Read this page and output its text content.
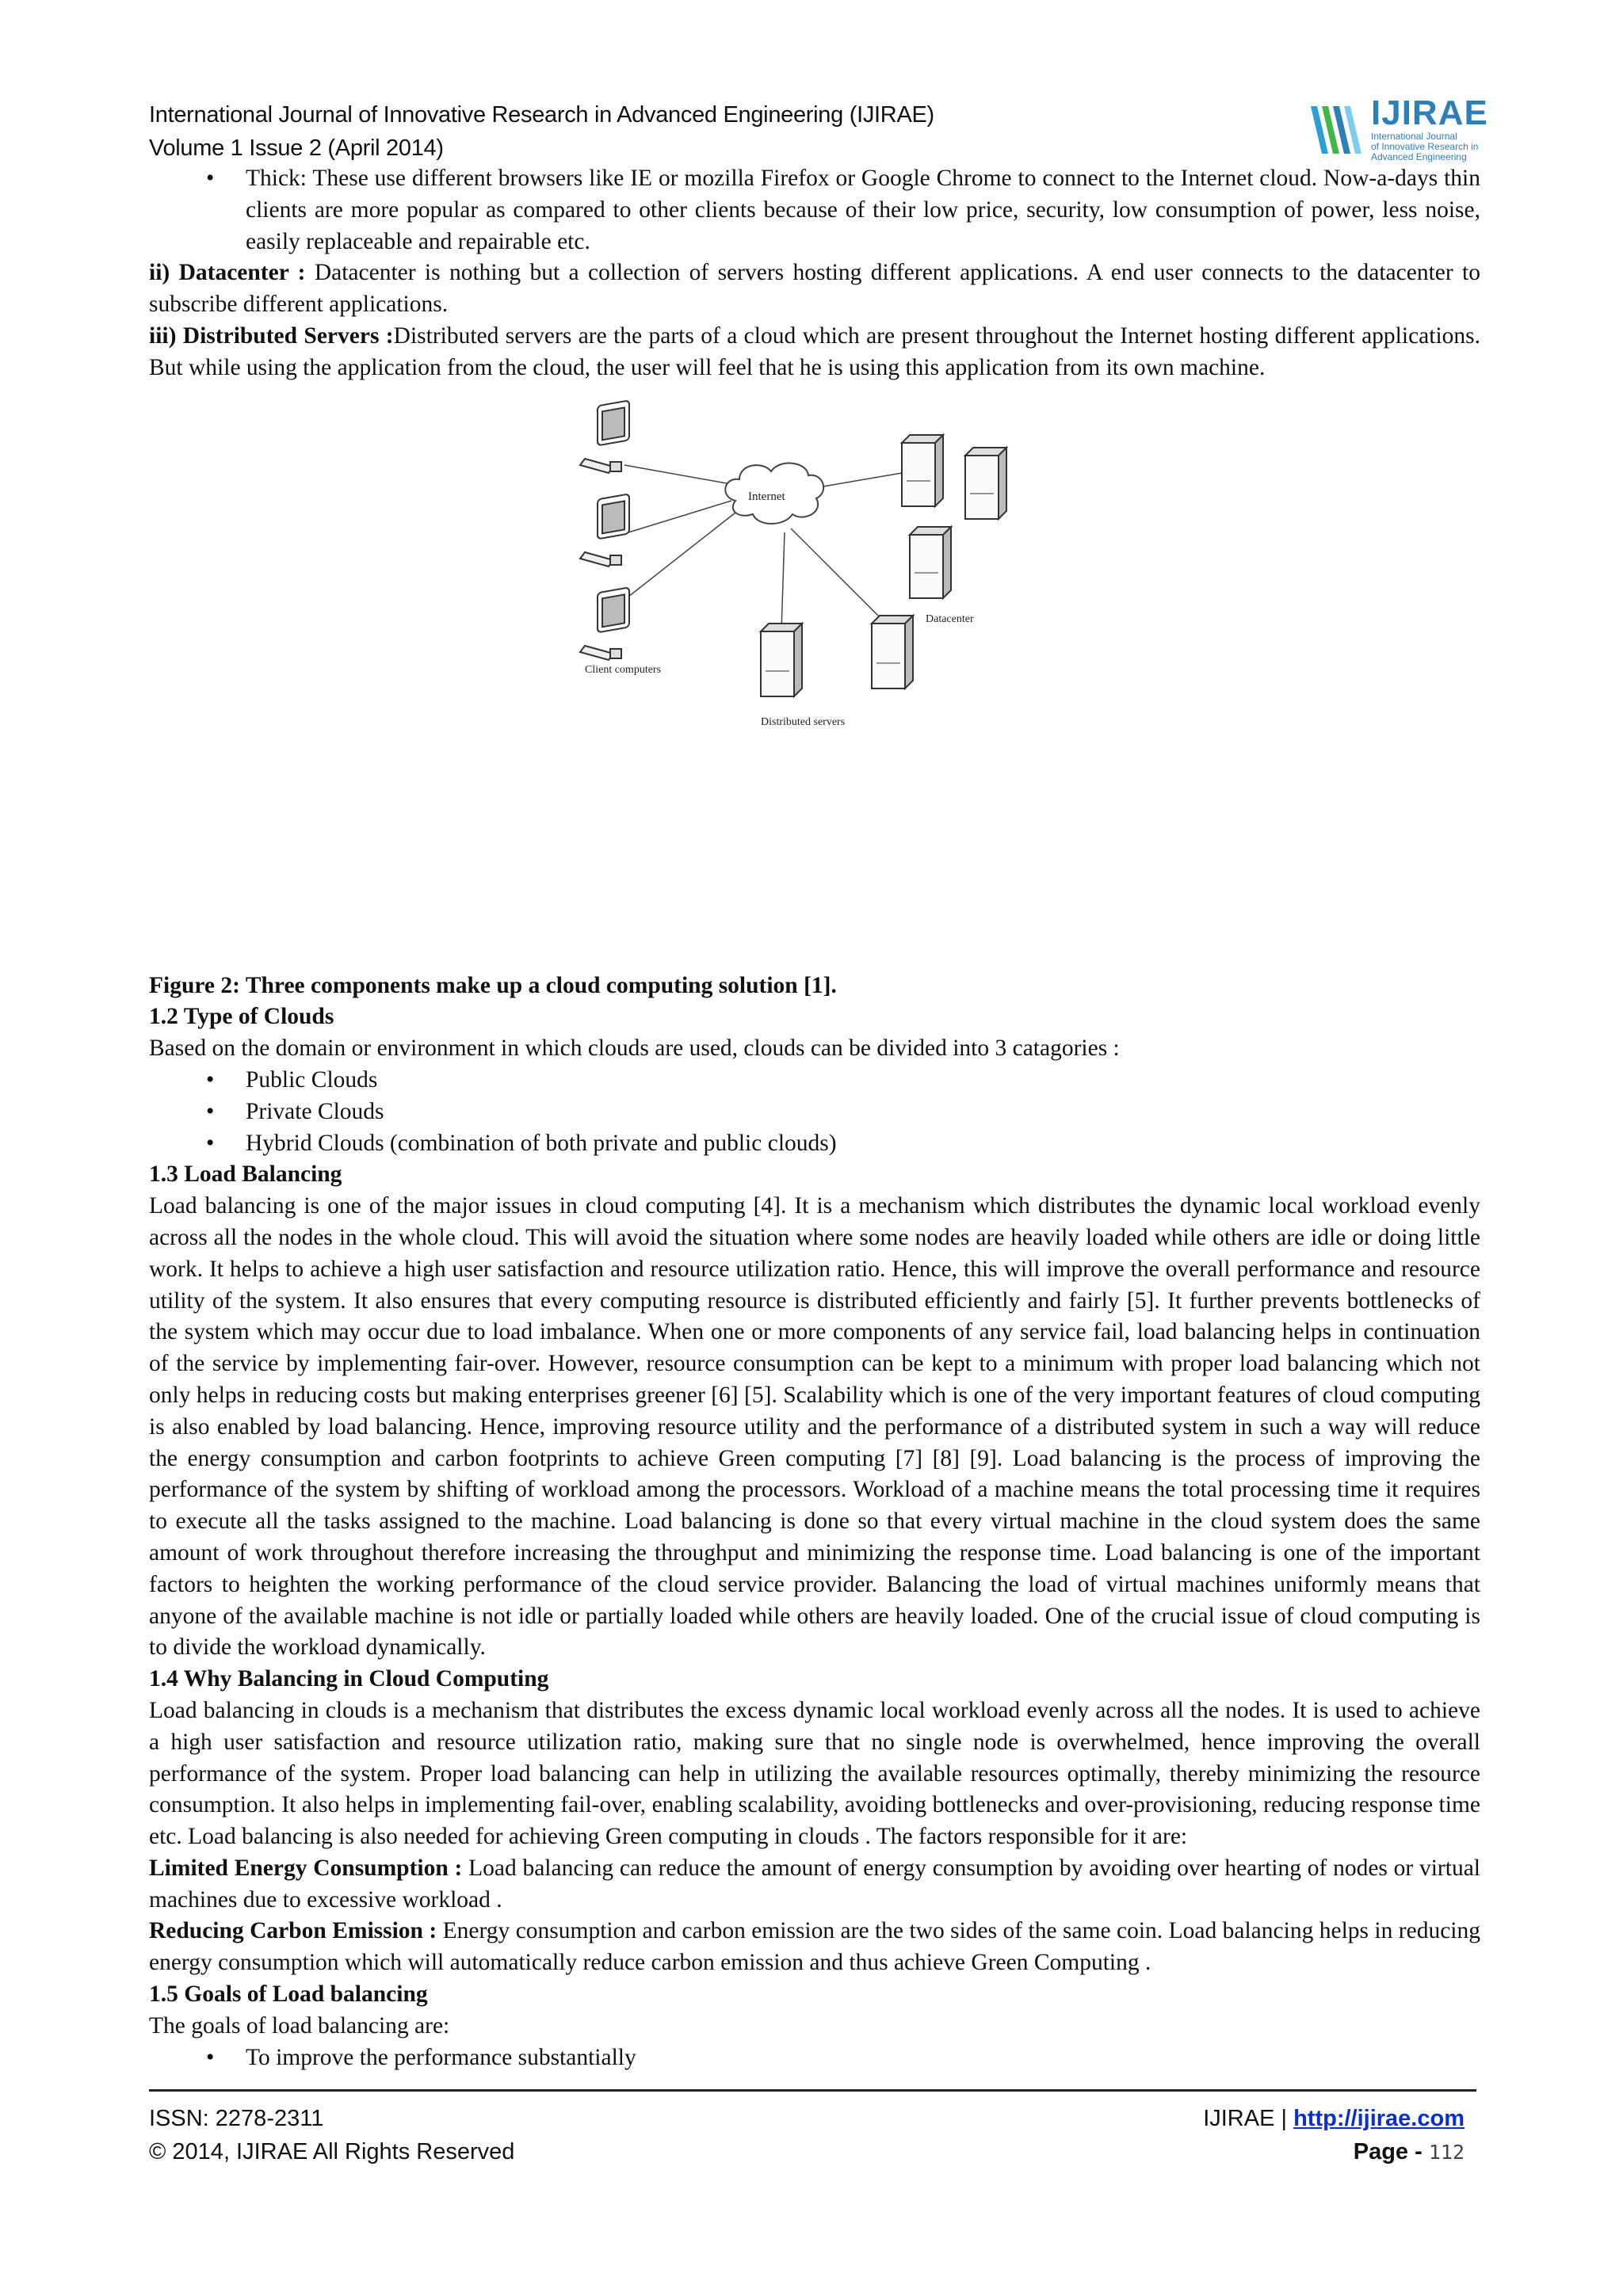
International Journal of Innovative Research in Advanced Engineering (IJIRAE)
Volume 1 Issue 2 (April 2014)
IJIRAE
International Journal
of Innovative Research in
Advanced Engineering
• Thick: These use different browsers like IE or mozilla Firefox or Google Chrome to connect to the Internet cloud. Now-a-days thin clients are more popular as compared to other clients because of their low price, security, low consumption of power, less noise, easily replaceable and repairable etc.

ii) Datacenter : Datacenter is nothing but a collection of servers hosting different applications. A end user connects to the datacenter to subscribe different applications.

iii) Distributed Servers :Distributed servers are the parts of a cloud which are present throughout the Internet hosting different applications. But while using the application from the cloud, the user will feel that he is using this application from its own machine.

Internet
Client computers
Datacenter
Distributed servers

Figure 2: Three components make up a cloud computing solution [1].

1.2 Type of Clouds

Based on the domain or environment in which clouds are used, clouds can be divided into 3 catagories :

• Public Clouds
• Private Clouds
• Hybrid Clouds (combination of both private and public clouds)
1.3 Load Balancing

Load balancing is one of the major issues in cloud computing [4]. It is a mechanism which distributes the dynamic local workload evenly across all the nodes in the whole cloud. This will avoid the situation where some nodes are heavily loaded while others are idle or doing little work. It helps to achieve a high user satisfaction and resource utilization ratio. Hence, this will improve the overall performance and resource utility of the system. It also ensures that every computing resource is distributed efficiently and fairly [5]. It further prevents bottlenecks of the system which may occur due to load imbalance. When one or more components of any service fail, load balancing helps in continuation of the service by implementing fair-over. However, resource consumption can be kept to a minimum with proper load balancing which not only helps in reducing costs but making enterprises greener [6] [5]. Scalability which is one of the very important features of cloud computing is also enabled by load balancing. Hence, improving resource utility and the performance of a distributed system in such a way will reduce the energy consumption and carbon footprints to achieve Green computing [7] [8] [9]. Load balancing is the process of improving the performance of the system by shifting of workload among the processors. Workload of a machine means the total processing time it requires to execute all the tasks assigned to the machine. Load balancing is done so that every virtual machine in the cloud system does the same amount of work throughout therefore increasing the throughput and minimizing the response time. Load balancing is one of the important factors to heighten the working performance of the cloud service provider. Balancing the load of virtual machines uniformly means that anyone of the available machine is not idle or partially loaded while others are heavily loaded. One of the crucial issue of cloud computing is to divide the workload dynamically.

1.4 Why Balancing in Cloud Computing

Load balancing in clouds is a mechanism that distributes the excess dynamic local workload evenly across all the nodes. It is used to achieve a high user satisfaction and resource utilization ratio, making sure that no single node is overwhelmed, hence improving the overall performance of the system. Proper load balancing can help in utilizing the available resources optimally, thereby minimizing the resource consumption. It also helps in implementing fail-over, enabling scalability, avoiding bottlenecks and over-provisioning, reducing response time etc. Load balancing is also needed for achieving Green computing in clouds . The factors responsible for it are:

Limited Energy Consumption : Load balancing can reduce the amount of energy consumption by avoiding over hearting of nodes or virtual machines due to excessive workload .

Reducing Carbon Emission : Energy consumption and carbon emission are the two sides of the same coin. Load balancing helps in reducing energy consumption which will automatically reduce carbon emission and thus achieve Green Computing .

1.5 Goals of Load balancing

The goals of load balancing are:

• To improve the performance substantially
ISSN: 2278-2311
© 2014, IJIRAE All Rights Reserved
IJIRAE | http://ijirae.com
Page - 112
